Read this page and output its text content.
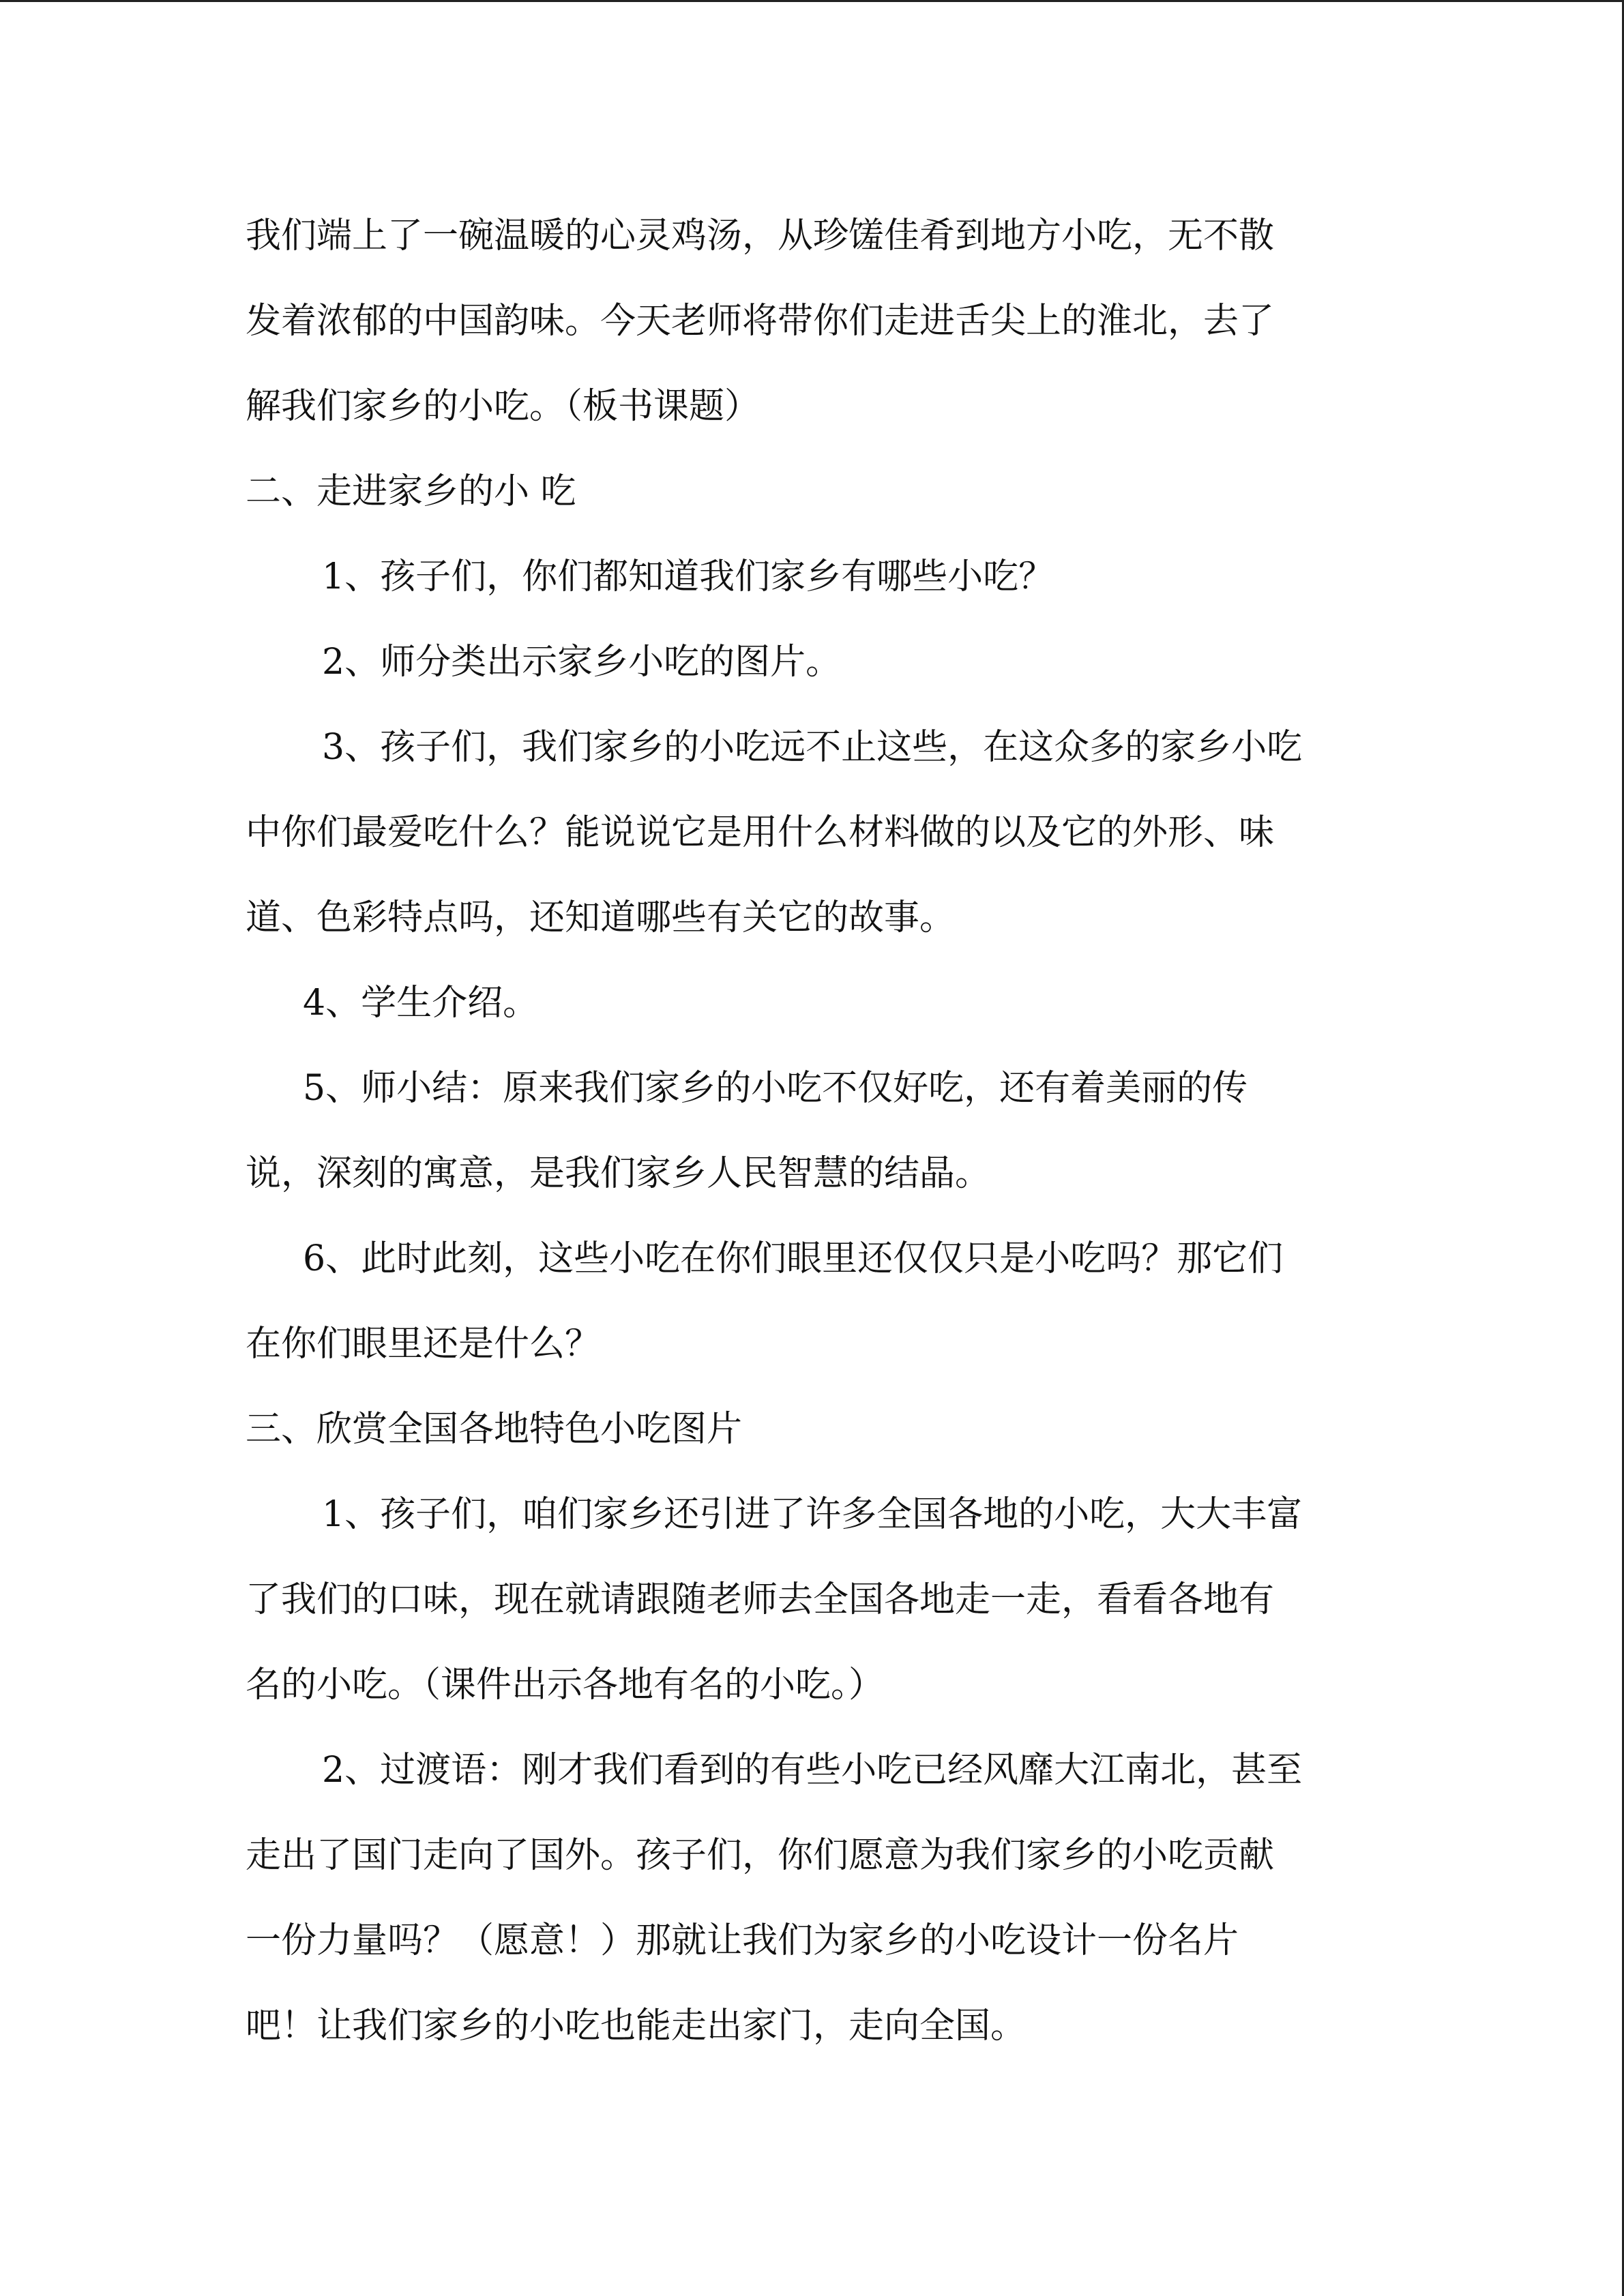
我们端上了一碗温暖的心灵鸡汤，从珍馐佳肴到地方小吃，无不散
发着浓郁的中国韵味。今天老师将带你们走进舌尖上的淮北，去了
解我们家乡的小吃。（板书课题）
二、走进家乡的小 吃
1、孩子们，你们都知道我们家乡有哪些小吃？
2、师分类出示家乡小吃的图片。
3、孩子们，我们家乡的小吃远不止这些，在这众多的家乡小吃
中你们最爱吃什么？能说说它是用什么材料做的以及它的外形、味
道、色彩特点吗，还知道哪些有关它的故事。
4、学生介绍。
5、师小结：原来我们家乡的小吃不仅好吃，还有着美丽的传
说，深刻的寓意，是我们家乡人民智慧的结晶。
6、此时此刻，这些小吃在你们眼里还仅仅只是小吃吗？那它们
在你们眼里还是什么？
三、欣赏全国各地特色小吃图片
1、孩子们，咱们家乡还引进了许多全国各地的小吃，大大丰富
了我们的口味，现在就请跟随老师去全国各地走一走，看看各地有
名的小吃。（课件出示各地有名的小吃。）
2、过渡语：刚才我们看到的有些小吃已经风靡大江南北，甚至
走出了国门走向了国外。孩子们，你们愿意为我们家乡的小吃贡献
一份力量吗？（愿意！）那就让我们为家乡的小吃设计一份名片
吧！让我们家乡的小吃也能走出家门，走向全国。
